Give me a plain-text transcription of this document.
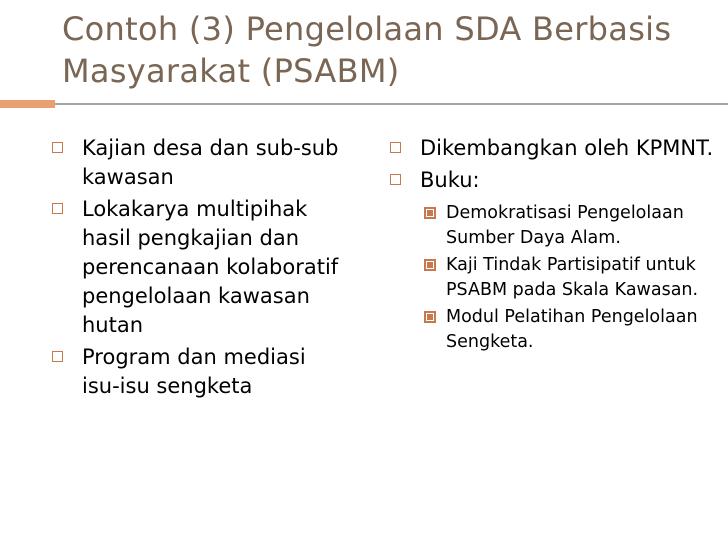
Contoh (3) Pengelolaan SDA Berbasis Masyarakat (PSABM)
Kajian desa dan sub-sub kawasan
Lokakarya multipihak hasil pengkajian dan perencanaan kolaboratif pengelolaan kawasan hutan
Program dan mediasi isu-isu sengketa
Dikembangkan oleh KPMNT.
Buku:
Demokratisasi Pengelolaan Sumber Daya Alam.
Kaji Tindak Partisipatif untuk PSABM pada Skala Kawasan.
Modul Pelatihan Pengelolaan Sengketa.
